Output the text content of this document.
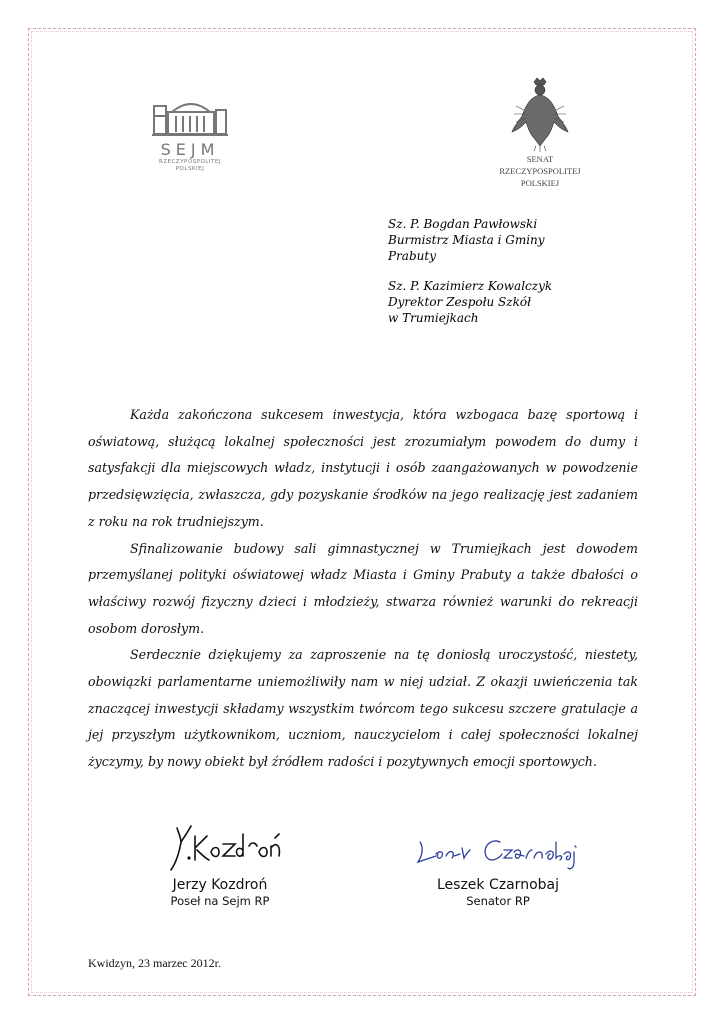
SEJM
RZECZYPOSPOLITEJ
POLSKIEJ
SENAT
RZECZYPOSPOLITEJ
POLSKIEJ
Sz. P. Bogdan Pawłowski
Burmistrz Miasta i Gminy
Prabuty
Sz. P. Kazimierz Kowalczyk
Dyrektor Zespołu Szkół
w Trumiejkach

Każda zakończona sukcesem inwestycja, która wzbogaca bazę sportową i oświatową, służącą lokalnej społeczności jest zrozumiałym powodem do dumy i satysfakcji dla miejscowych władz, instytucji i osób zaangażowanych w powodzenie przedsięwzięcia, zwłaszcza, gdy pozyskanie środków na jego realizację jest zadaniem z roku na rok trudniejszym.

Sfinalizowanie budowy sali gimnastycznej w Trumiejkach jest dowodem przemyślanej polityki oświatowej władz Miasta i Gminy Prabuty a także dbałości o właściwy rozwój fizyczny dzieci i młodzieży, stwarza również warunki do rekreacji osobom dorosłym.

Serdecznie dziękujemy za zaproszenie na tę doniosłą uroczystość, niestety, obowiązki parlamentarne uniemożliwiły nam w niej udział. Z okazji uwieńczenia tak znaczącej inwestycji składamy wszystkim twórcom tego sukcesu szczere gratulacje a jej przyszłym użytkownikom, uczniom, nauczycielom i całej społeczności lokalnej życzymy, by nowy obiekt był źródłem radości i pozytywnych emocji sportowych.

Jerzy Kozdroń
Poseł na Sejm RP
Leszek Czarnobaj
Senator RP
Kwidzyn, 23 marzec 2012r.
